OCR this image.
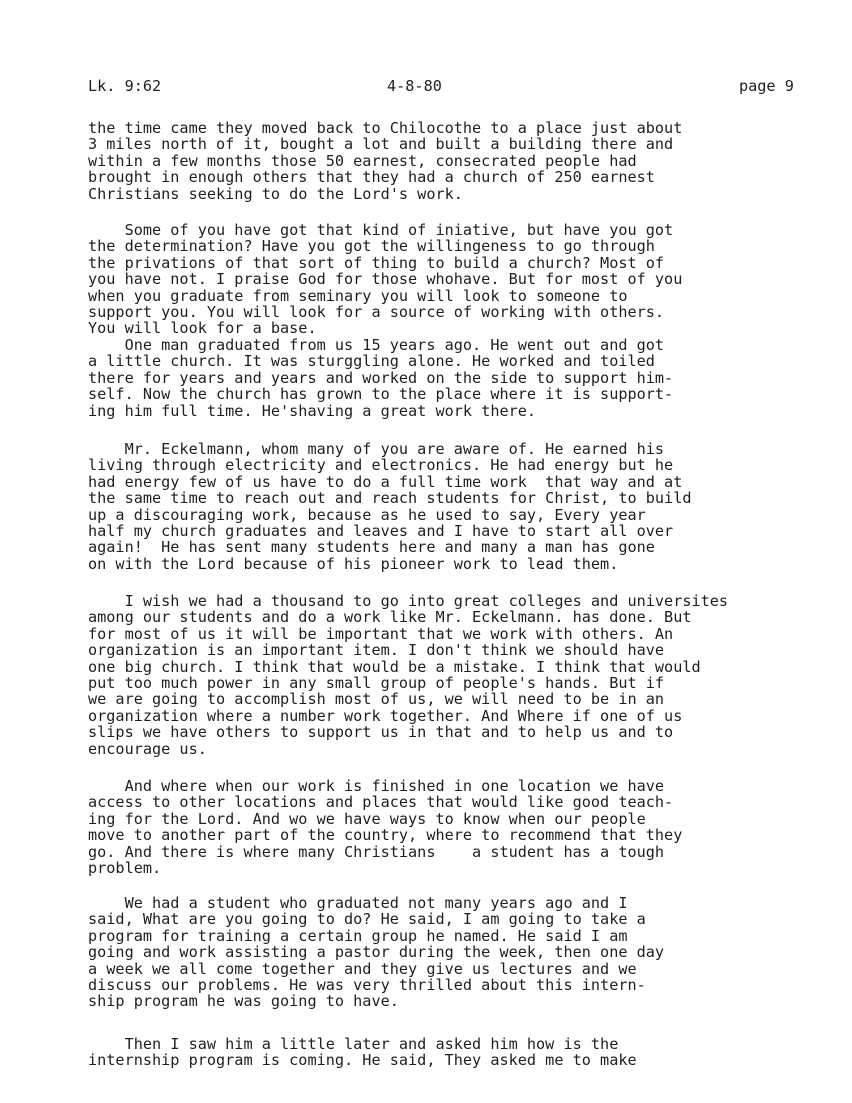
Lk. 9:62	4-8-80	page 9
the time came they moved back to Chilocothe to a place just about
3 miles north of it, bought a lot and built a building there and
within a few months those 50 earnest, consecrated people had
brought in enough others that they had a church of 250 earnest
Christians seeking to do the Lord's work.
Some of you have got that kind of iniative, but have you got
the determination? Have you got the willingeness to go through
the privations of that sort of thing to build a church? Most of
you have not. I praise God for those whohave. But for most of you
when you graduate from seminary you will look to someone to
support you. You will look for a source of working with others.
You will look for a base.
One man graduated from us 15 years ago. He went out and got
a little church. It was sturggling alone. He worked and toiled
there for years and years and worked on the side to support him-
self. Now the church has grown to the place where it is support-
ing him full time. He'shaving a great work there.
Mr. Eckelmann, whom many of you are aware of. He earned his
living through electricity and electronics. He had energy but he
had energy few of us have to do a full time work  that way and at
the same time to reach out and reach students for Christ, to build
up a discouraging work, because as he used to say, Every year
half my church graduates and leaves and I have to start all over
again!  He has sent many students here and many a man has gone
on with the Lord because of his pioneer work to lead them.
I wish we had a thousand to go into great colleges and universites
among our students and do a work like Mr. Eckelmann. has done. But
for most of us it will be important that we work with others. An
organization is an important item. I don't think we should have
one big church. I think that would be a mistake. I think that would
put too much power in any small group of people's hands. But if
we are going to accomplish most of us, we will need to be in an
organization where a number work together. And Where if one of us
slips we have others to support us in that and to help us and to
encourage us.
And where when our work is finished in one location we have
access to other locations and places that would like good teach-
ing for the Lord. And wo we have ways to know when our people
move to another part of the country, where to recommend that they
go. And there is where many Christians    a student has a tough
problem.
We had a student who graduated not many years ago and I
said, What are you going to do? He said, I am going to take a
program for training a certain group he named. He said I am
going and work assisting a pastor during the week, then one day
a week we all come together and they give us lectures and we
discuss our problems. He was very thrilled about this intern-
ship program he was going to have.
Then I saw him a little later and asked him how is the
internship program is coming. He said, They asked me to make
